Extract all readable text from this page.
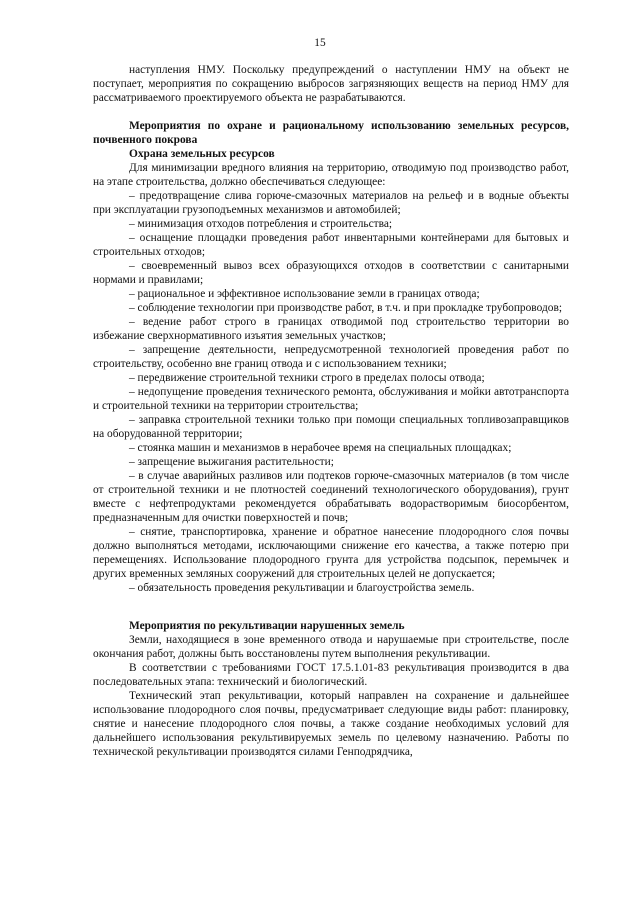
15

наступления НМУ. Поскольку предупреждений о наступлении НМУ на объект не поступает, мероприятия по сокращению выбросов загрязняющих веществ на период НМУ для рассматриваемого проектируемого объекта не разрабатываются.

Мероприятия по охране и рациональному использованию земельных ресурсов, почвенного покрова

Охрана земельных ресурсов

Для минимизации вредного влияния на территорию, отводимую под производство работ, на этапе строительства, должно обеспечиваться следующее:

– предотвращение слива горюче-смазочных материалов на рельеф и в водные объекты при эксплуатации грузоподъемных механизмов и автомобилей;

– минимизация отходов потребления и строительства;

– оснащение площадки проведения работ инвентарными контейнерами для бытовых и строительных отходов;

– своевременный вывоз всех образующихся отходов в соответствии с санитарными нормами и правилами;

– рациональное и эффективное использование земли в границах отвода;

– соблюдение технологии при производстве работ, в т.ч. и при прокладке трубопроводов;

– ведение работ строго в границах отводимой под строительство территории во избежание сверхнормативного изъятия земельных участков;

– запрещение деятельности, непредусмотренной технологией проведения работ по строительству, особенно вне границ отвода и с использованием техники;

– передвижение строительной техники строго в пределах полосы отвода;

– недопущение проведения технического ремонта, обслуживания и мойки автотранспорта и строительной техники на территории строительства;

– заправка строительной техники только при помощи специальных топливозаправщиков на оборудованной территории;

– стоянка машин и механизмов в нерабочее время на специальных площадках;

– запрещение выжигания растительности;

– в случае аварийных разливов или подтеков горюче-смазочных материалов (в том числе от строительной техники и не плотностей соединений технологического оборудования), грунт вместе с нефтепродуктами рекомендуется обрабатывать водорастворимым биосорбентом, предназначенным для очистки поверхностей и почв;

– снятие, транспортировка, хранение и обратное нанесение плодородного слоя почвы должно выполняться методами, исключающими снижение его качества, а также потерю при перемещениях. Использование плодородного грунта для устройства подсыпок, перемычек и других временных земляных сооружений для строительных целей не допускается;

– обязательность проведения рекультивации и благоустройства земель.

Мероприятия по рекультивации нарушенных земель

Земли, находящиеся в зоне временного отвода и нарушаемые при строительстве, после окончания работ, должны быть восстановлены путем выполнения рекультивации.

В соответствии с требованиями ГОСТ 17.5.1.01-83 рекультивация производится в два последовательных этапа: технический и биологический.

Технический этап рекультивации, который направлен на сохранение и дальнейшее использование плодородного слоя почвы, предусматривает следующие виды работ: планировку, снятие и нанесение плодородного слоя почвы, а также создание необходимых условий для дальнейшего использования рекультивируемых земель по целевому назначению. Работы по технической рекультивации производятся силами Генподрядчика,
